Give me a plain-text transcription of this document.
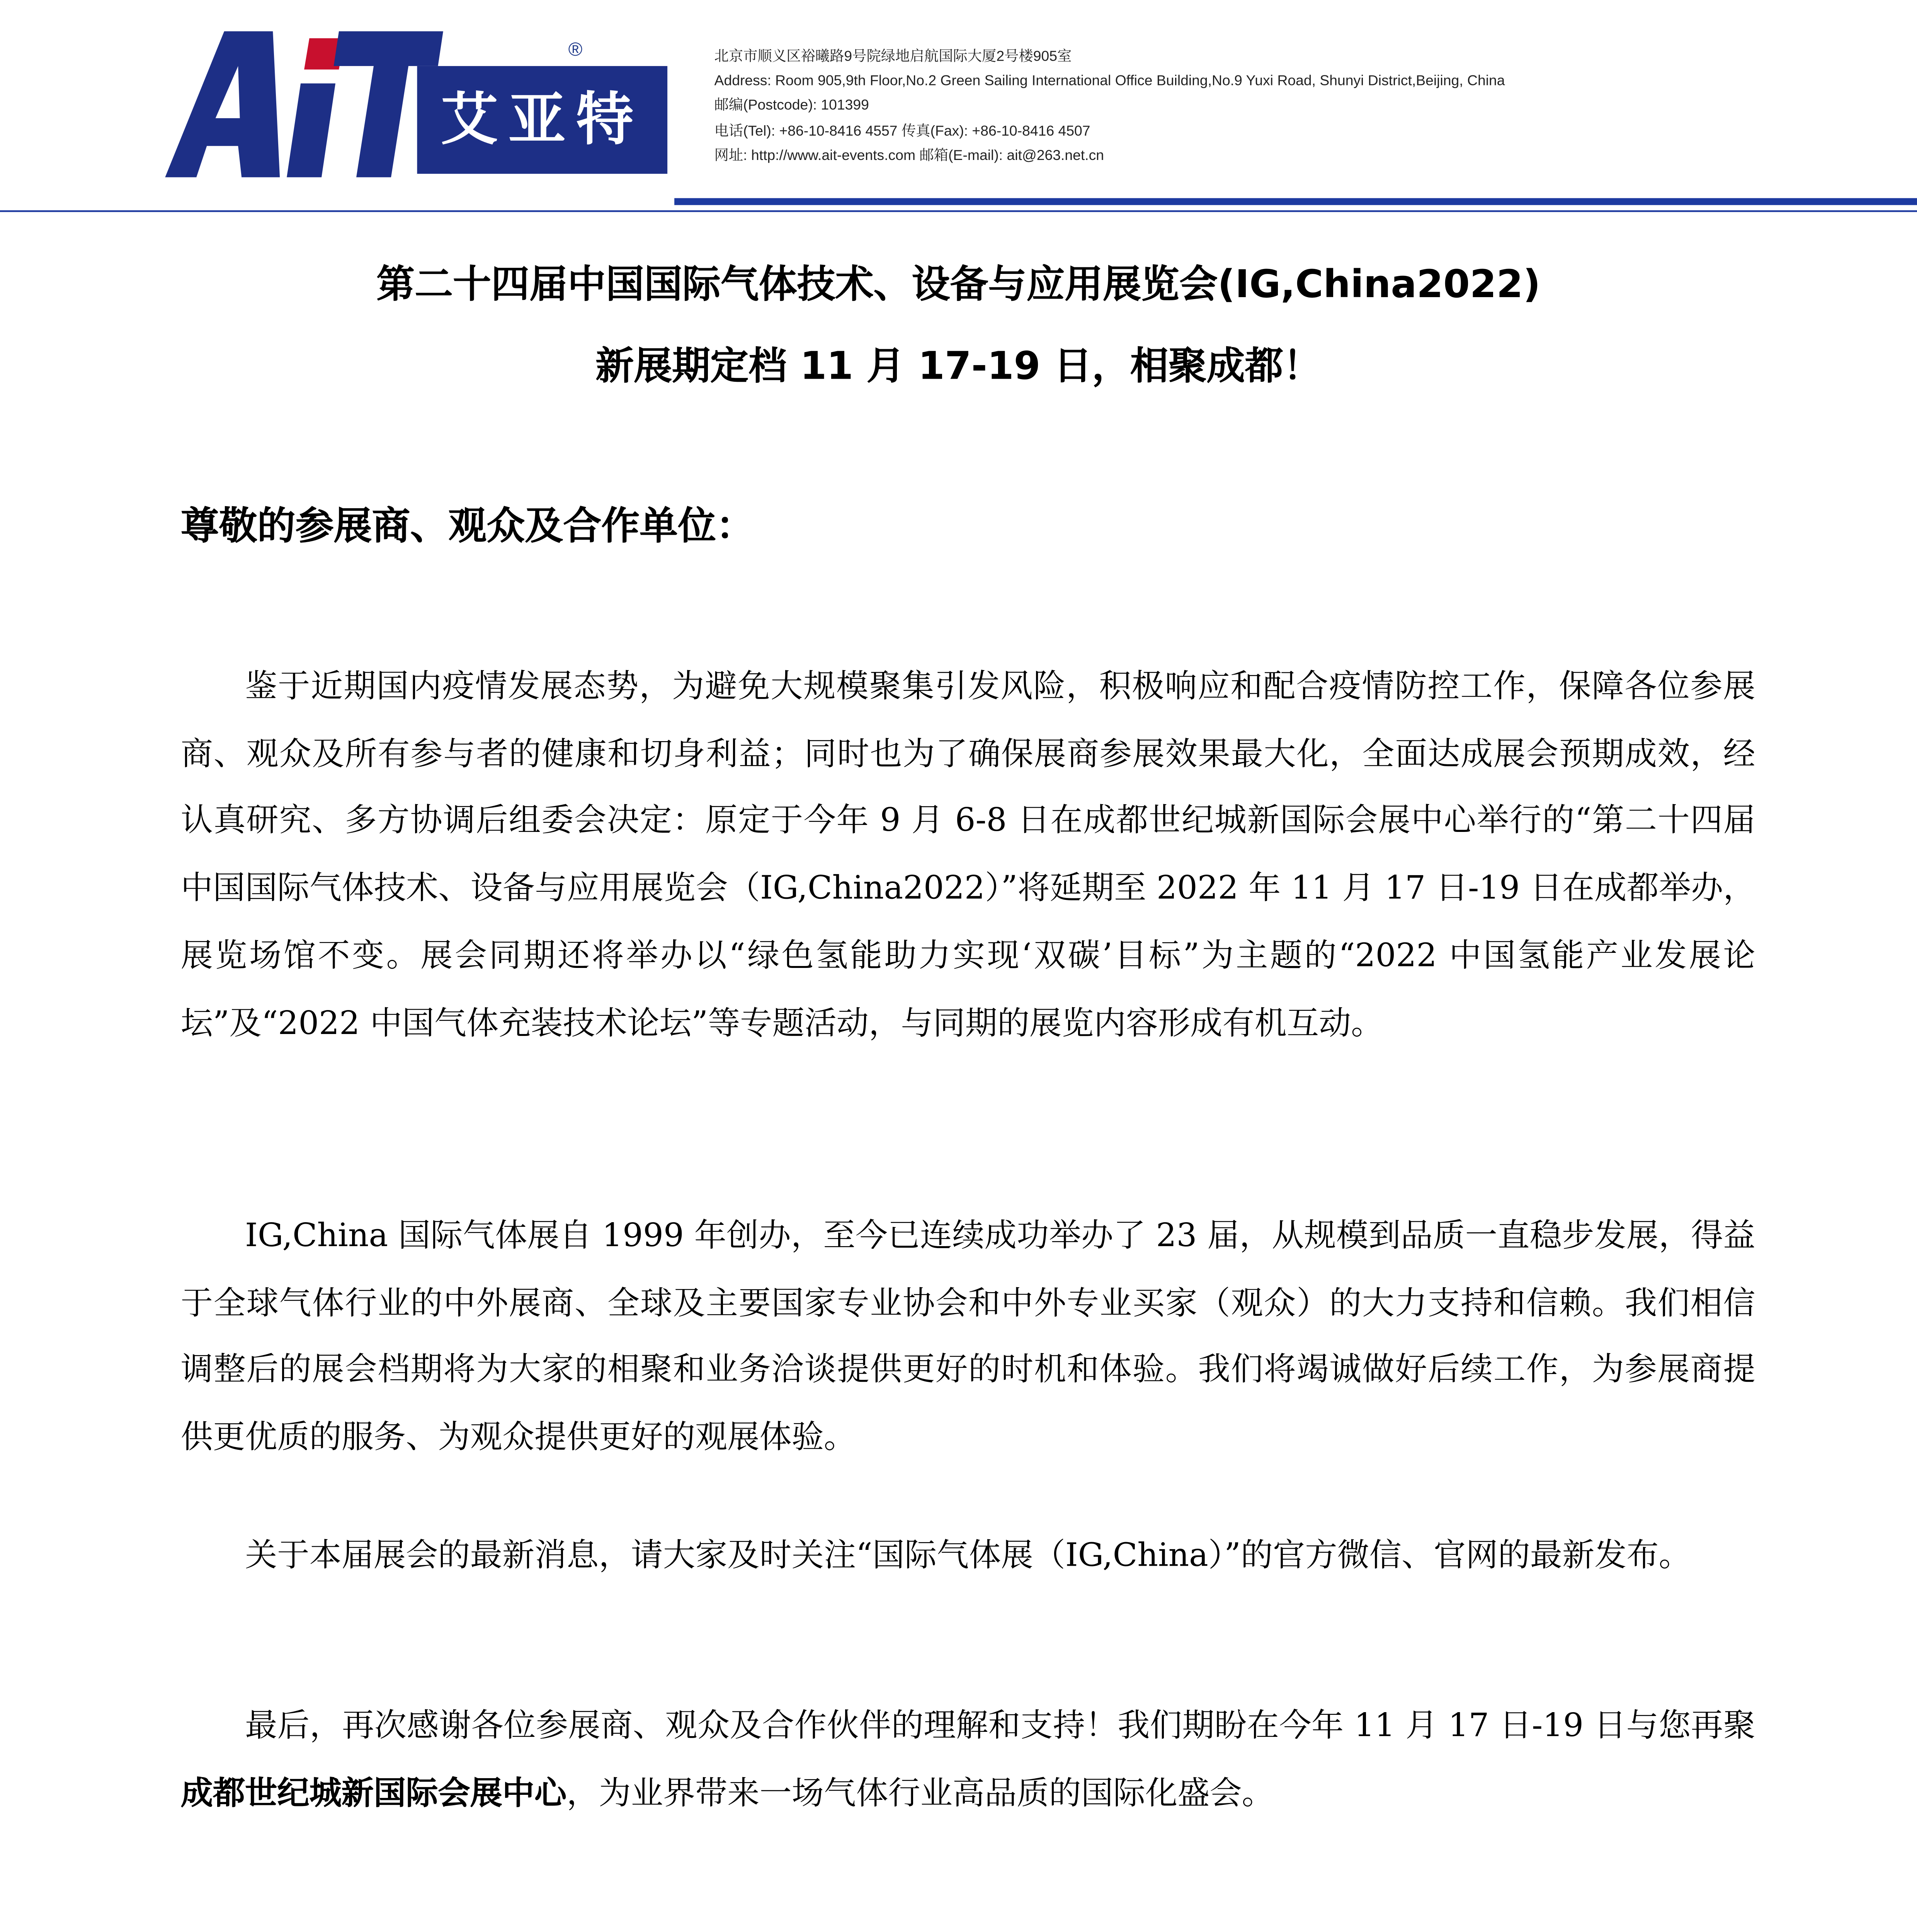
®
艾亚特
北京市顺义区裕曦路9号院绿地启航国际大厦2号楼905室
Address: Room 905,9th Floor,No.2 Green Sailing International Office Building,No.9 Yuxi Road, Shunyi District,Beijing, China
邮编(Postcode): 101399
电话(Tel): +86-10-8416 4557 传真(Fax): +86-10-8416 4507
网址: http://www.ait-events.com 邮箱(E-mail): ait@263.net.cn
第二十四届中国国际气体技术、设备与应用展览会(IG,China2022)
新展期定档 11 月 17-19 日，相聚成都！
尊敬的参展商、观众及合作单位：

鉴于近期国内疫情发展态势，为避免大规模聚集引发风险，积极响应和配合疫情防控工作，保障各位参展商、观众及所有参与者的健康和切身利益；同时也为了确保展商参展效果最大化，全面达成展会预期成效，经认真研究、多方协调后组委会决定：原定于今年 9 月 6-8 日在成都世纪城新国际会展中心举行的“第二十四届中国国际气体技术、设备与应用展览会（IG,China2022）”将延期至 2022 年 11 月 17 日-19 日在成都举办，展览场馆不变。展会同期还将举办以“绿色氢能助力实现‘双碳’目标”为主题的“2022 中国氢能产业发展论坛”及“2022 中国气体充装技术论坛”等专题活动，与同期的展览内容形成有机互动。

IG,China 国际气体展自 1999 年创办，至今已连续成功举办了 23 届，从规模到品质一直稳步发展，得益于全球气体行业的中外展商、全球及主要国家专业协会和中外专业买家（观众）的大力支持和信赖。我们相信调整后的展会档期将为大家的相聚和业务洽谈提供更好的时机和体验。我们将竭诚做好后续工作，为参展商提供更优质的服务、为观众提供更好的观展体验。

关于本届展会的最新消息，请大家及时关注“国际气体展（IG,China）”的官方微信、官网的最新发布。

最后，再次感谢各位参展商、观众及合作伙伴的理解和支持！我们期盼在今年 11 月 17 日-19 日与您再聚成都世纪城新国际会展中心，为业界带来一场气体行业高品质的国际化盛会。
